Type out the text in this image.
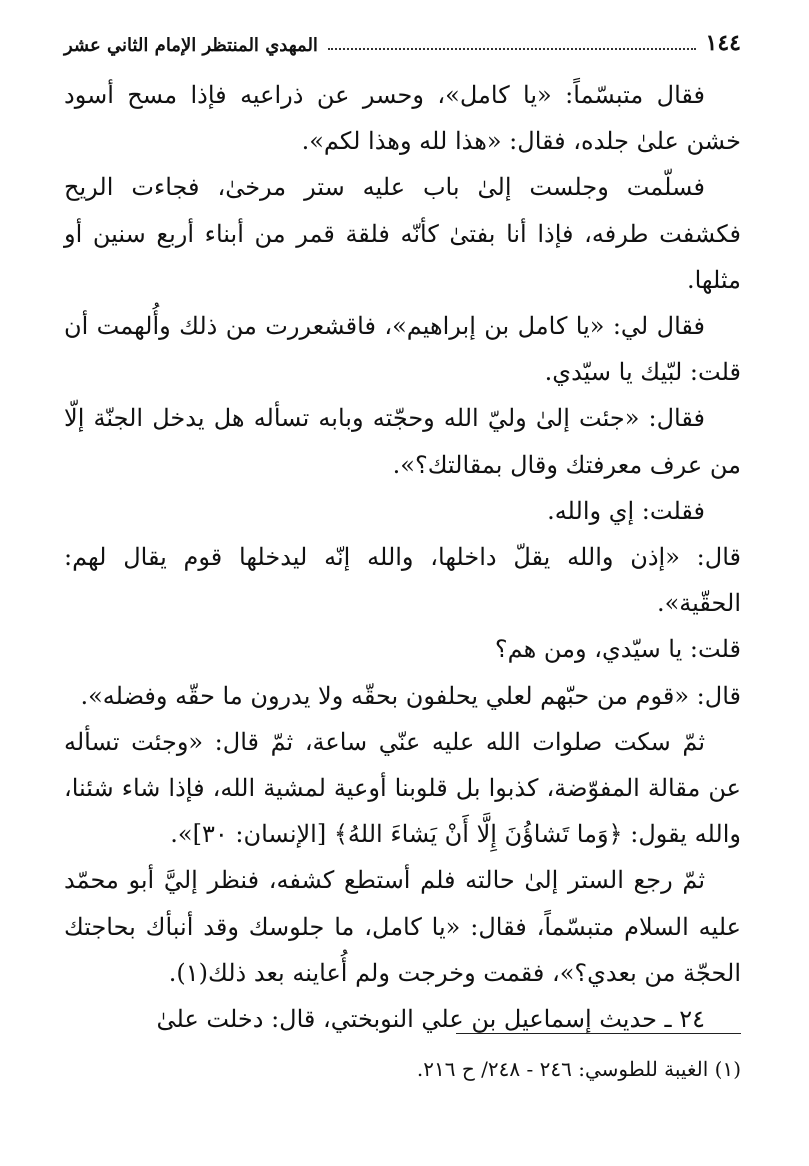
١٤٤
المهدي المنتظر الإمام الثاني عشر

فقال متبسّماً: «يا كامل»، وحسر عن ذراعيه فإذا مسح أسود خشن علىٰ جلده، فقال: «هذا لله وهذا لكم».

فسلّمت وجلست إلىٰ باب عليه ستر مرخىٰ، فجاءت الريح فكشفت طرفه، فإذا أنا بفتىٰ كأنّه فلقة قمر من أبناء أربع سنين أو مثلها.

فقال لي: «يا كامل بن إبراهيم»، فاقشعررت من ذلك وأُلهمت أن قلت: لبّيك يا سيّدي.

فقال: «جئت إلىٰ وليّ الله وحجّته وبابه تسأله هل يدخل الجنّة إلّا من عرف معرفتك وقال بمقالتك؟».

فقلت: إي والله.

قال: «إذن والله يقلّ داخلها، والله إنّه ليدخلها قوم يقال لهم: الحقّية».

قلت: يا سيّدي، ومن هم؟

قال: «قوم من حبّهم لعلي يحلفون بحقّه ولا يدرون ما حقّه وفضله».

ثمّ سكت صلوات الله عليه عنّي ساعة، ثمّ قال: «وجئت تسأله عن مقالة المفوّضة، كذبوا بل قلوبنا أوعية لمشية الله، فإذا شاء شئنا، والله يقول: ﴿وَما تَشاؤُنَ إِلَّا أَنْ يَشاءَ اللهُ﴾ [الإنسان: ٣٠]».

ثمّ رجع الستر إلىٰ حالته فلم أستطع كشفه، فنظر إليَّ أبو محمّد عليه السلام متبسّماً، فقال: «يا كامل، ما جلوسك وقد أنبأك بحاجتك الحجّة من بعدي؟»، فقمت وخرجت ولم أُعاينه بعد ذلك(١).

٢٤ ـ حديث إسماعيل بن علي النوبختي، قال: دخلت علىٰ

(١) الغيبة للطوسي: ٢٤٦ - ٢٤٨/ ح ٢١٦.
